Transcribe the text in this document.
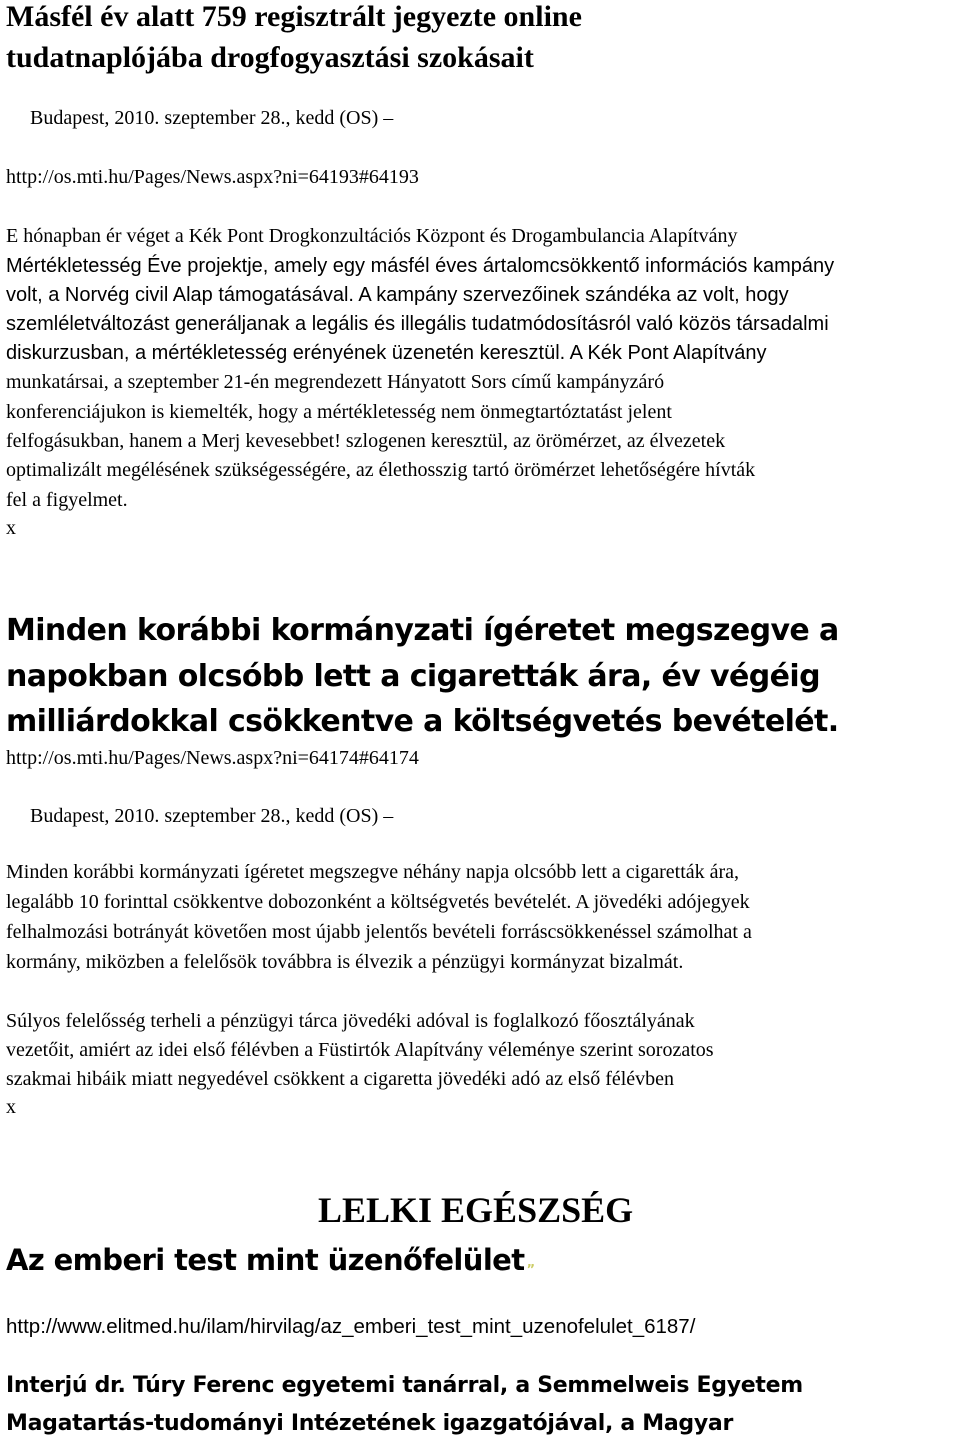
Másfél év alatt 759 regisztrált jegyezte online
tudatnaplójába drogfogyasztási szokásait
Budapest, 2010. szeptember 28., kedd (OS) –
http://os.mti.hu/Pages/News.aspx?ni=64193#64193
E hónapban ér véget a Kék Pont Drogkonzultációs Központ és Drogambulancia Alapítvány
Mértékletesség Éve projektje, amely egy másfél éves ártalomcsökkentő információs kampány
volt, a Norvég civil Alap támogatásával. A kampány szervezőinek szándéka az volt, hogy
szemléletváltozást generáljanak a legális és illegális tudatmódosításról való közös társadalmi
diskurzusban, a mértékletesség erényének üzenetén keresztül. A Kék Pont Alapítvány
munkatársai, a szeptember 21-én megrendezett Hányatott Sors című kampányzáró
konferenciájukon is kiemelték, hogy a mértékletesség nem önmegtartóztatást jelent
felfogásukban, hanem a Merj kevesebbet! szlogenen keresztül, az örömérzet, az élvezetek
optimalizált megélésének szükségességére, az élethosszig tartó örömérzet lehetőségére hívták
fel a figyelmet.
x
Minden korábbi kormányzati ígéretet megszegve a
napokban olcsóbb lett a cigaretták ára, év végéig
milliárdokkal csökkentve a költségvetés bevételét.
http://os.mti.hu/Pages/News.aspx?ni=64174#64174
Budapest, 2010. szeptember 28., kedd (OS) –
Minden korábbi kormányzati ígéretet megszegve néhány napja olcsóbb lett a cigaretták ára,
legalább 10 forinttal csökkentve dobozonként a költségvetés bevételét. A jövedéki adójegyek
felhalmozási botrányát követően most újabb jelentős bevételi forráscsökkenéssel számolhat a
kormány, miközben a felelősök továbbra is élvezik a pénzügyi kormányzat bizalmát.
Súlyos felelősség terheli a pénzügyi tárca jövedéki adóval is foglalkozó főosztályának
vezetőit, amiért az idei első félévben a Füstirtók Alapítvány véleménye szerint sorozatos
szakmai hibáik miatt negyedével csökkent a cigaretta jövedéki adó az első félévben
x
LELKI EGÉSZSÉG
Az emberi test mint üzenőfelület ”
http://www.elitmed.hu/ilam/hirvilag/az_emberi_test_mint_uzenofelulet_6187/
Interjú dr. Túry Ferenc egyetemi tanárral, a Semmelweis Egyetem
Magatartás-tudományi Intézetének igazgatójával, a Magyar
